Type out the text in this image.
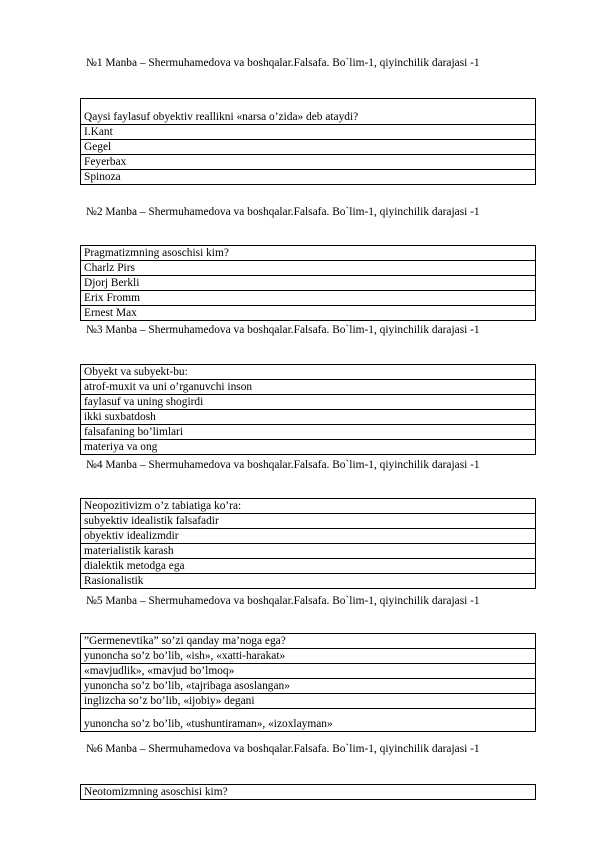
№1 Manba – Shermuhamedova va boshqalar.Falsafa. Bo`lim-1, qiyinchilik darajasi -1
Qaysi faylasuf obyektiv reallikni «narsa o’zida» deb ataydi?
I.Kant
Gegel
Feyerbax
Spinoza
№2 Manba – Shermuhamedova va boshqalar.Falsafa. Bo`lim-1, qiyinchilik darajasi -1
Pragmatizmning asoschisi kim?
Charlz Pirs
Djorj Berkli
Erix Fromm
Ernest Max
№3 Manba – Shermuhamedova va boshqalar.Falsafa. Bo`lim-1, qiyinchilik darajasi -1
Obyekt va subyekt-bu:
atrof-muxit va uni o’rganuvchi inson
faylasuf va uning shogirdi
ikki suxbatdosh
falsafaning bo’limlari
materiya va ong
№4 Manba – Shermuhamedova va boshqalar.Falsafa. Bo`lim-1, qiyinchilik darajasi -1
Neopozitivizm o’z tabiatiga ko’ra:
subyektiv idealistik falsafadir
obyektiv idealizmdir
materialistik karash
dialektik metodga ega
Rasionalistik
№5 Manba – Shermuhamedova va boshqalar.Falsafa. Bo`lim-1, qiyinchilik darajasi -1
”Germenevtika” so’zi qanday ma’noga ega?
yunoncha so’z bo’lib, «ish», «xatti-harakat»
«mavjudlik», «mavjud bo’lmoq»
yunoncha so’z bo’lib, «tajribaga asoslangan»
inglizcha so’z bo’lib, «ijobiy» degani
yunoncha so’z bo’lib, «tushuntiraman», «izoxlayman»
№6 Manba – Shermuhamedova va boshqalar.Falsafa. Bo`lim-1, qiyinchilik darajasi -1
Neotomizmning asoschisi kim?
